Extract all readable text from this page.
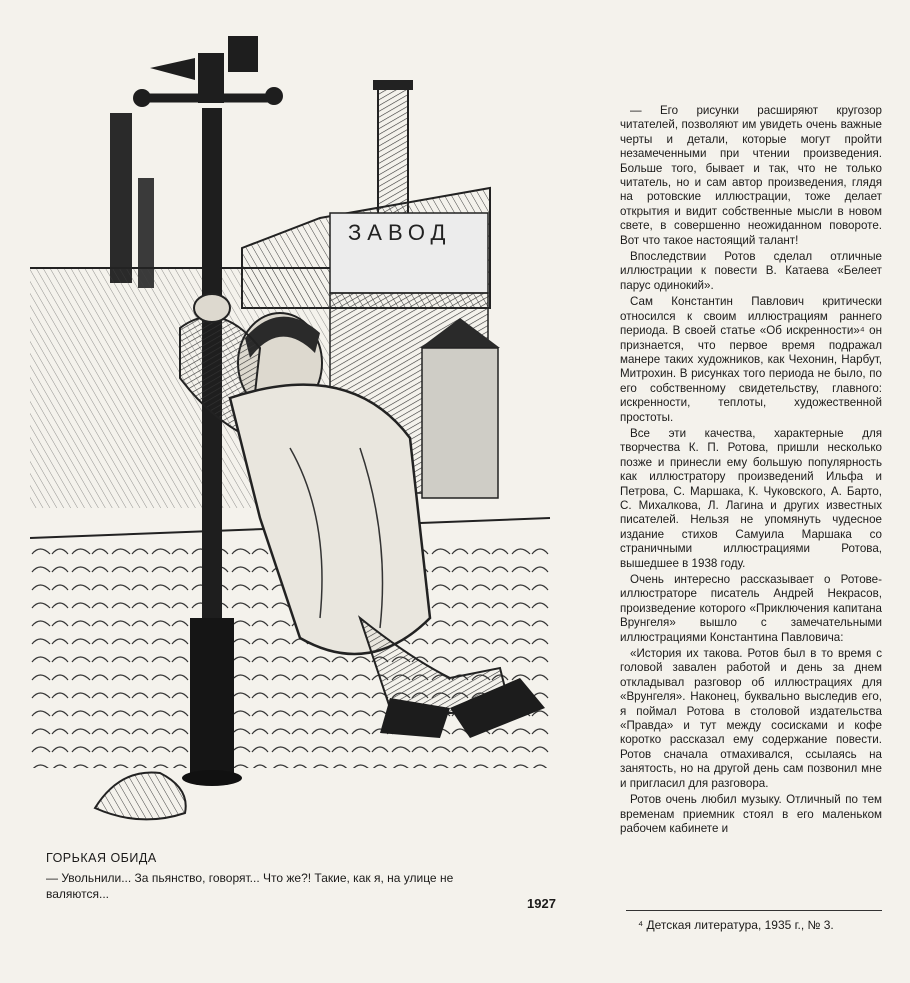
ЗАВОД
ГОРЬКАЯ ОБИДА
— Увольнили... За пьянство, говорят... Что же?! Такие, как я, на улице не валяются...
1927

— Его рисунки расширяют кругозор читателей, позволяют им увидеть очень важные черты и детали, которые могут пройти незамеченными при чтении произведения. Больше того, бывает и так, что не только читатель, но и сам автор произведения, глядя на ротовские иллюстрации, тоже делает открытия и видит собственные мысли в новом свете, в совершенно неожиданном повороте. Вот что такое настоящий талант!

Впоследствии Ротов сделал отличные иллюстрации к повести В. Катаева «Белеет парус одинокий».

Сам Константин Павлович критически относился к своим иллюстрациям раннего периода. В своей статье «Об искренности»⁴ он признается, что первое время подражал манере таких художников, как Чехонин, Нарбут, Митрохин. В рисунках того периода не было, по его собственному свидетельству, главного: искренности, теплоты, художественной простоты.

Все эти качества, характерные для творчества К. П. Ротова, пришли несколько позже и принесли ему большую популярность как иллюстратору произведений Ильфа и Петрова, С. Маршака, К. Чуковского, А. Барто, С. Михалкова, Л. Лагина и других известных писателей. Нельзя не упомянуть чудесное издание стихов Самуила Маршака со страничными иллюстрациями Ротова, вышедшее в 1938 году.

Очень интересно рассказывает о Ротове-иллюстраторе писатель Андрей Некрасов, произведение которого «Приключения капитана Врунгеля» вышло с замечательными иллюстрациями Константина Павловича:

«История их такова. Ротов был в то время с головой завален работой и день за днем откладывал разговор об иллюстрациях для «Врунгеля». Наконец, буквально выследив его, я поймал Ротова в столовой издательства «Правда» и тут между сосисками и кофе коротко рассказал ему содержание повести. Ротов сначала отмахивался, ссылаясь на занятость, но на другой день сам позвонил мне и пригласил для разговора.

Ротов очень любил музыку. Отличный по тем временам приемник стоял в его маленьком рабочем кабинете и

⁴ Детская литература, 1935 г., № 3.
